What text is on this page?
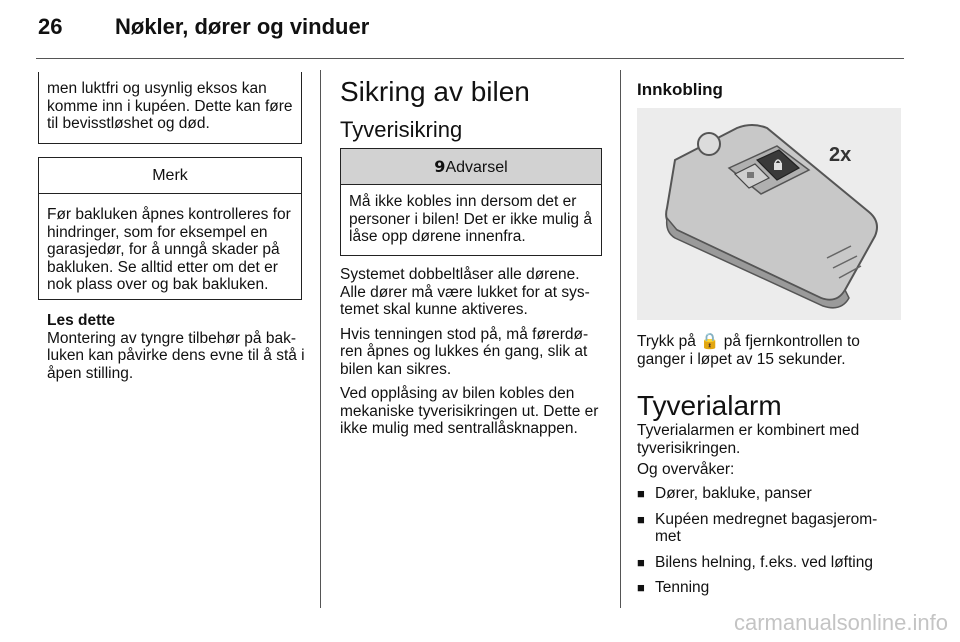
26 Nøkler, dører og vinduer
men luktfri og usynlig eksos kan komme inn i kupéen. Dette kan føre til bevisstløshet og død.
Merk
Før bakluken åpnes kontrolleres for hindringer, som for eksempel en garasjedør, for å unngå skader på bakluken. Se alltid etter om det er nok plass over og bak bakluken.
Les dette
Montering av tyngre tilbehør på bak-luken kan påvirke dens evne til å stå i åpen stilling.
Sikring av bilen
Tyverisikring
9Advarsel
Må ikke kobles inn dersom det er personer i bilen! Det er ikke mulig å låse opp dørene innenfra.

Systemet dobbeltlåser alle dørene. Alle dører må være lukket for at sys-temet skal kunne aktiveres.

Hvis tenningen stod på, må førerdø-ren åpnes og lukkes én gang, slik at bilen kan sikres.

Ved opplåsing av bilen kobles den mekaniske tyverisikringen ut. Dette er ikke mulig med sentrallåsknappen.

Innkobling
2x
Trykk på 🔒 på fjernkontrollen to ganger i løpet av 15 sekunder.
Tyverialarm
Tyverialarmen er kombinert med tyverisikringen.
Og overvåker:
■ Dører, bakluke, panser
■ Kupéen medregnet bagasjerom-met
■ Bilens helning, f.eks. ved løfting
■ Tenning
carmanualsonline.info
